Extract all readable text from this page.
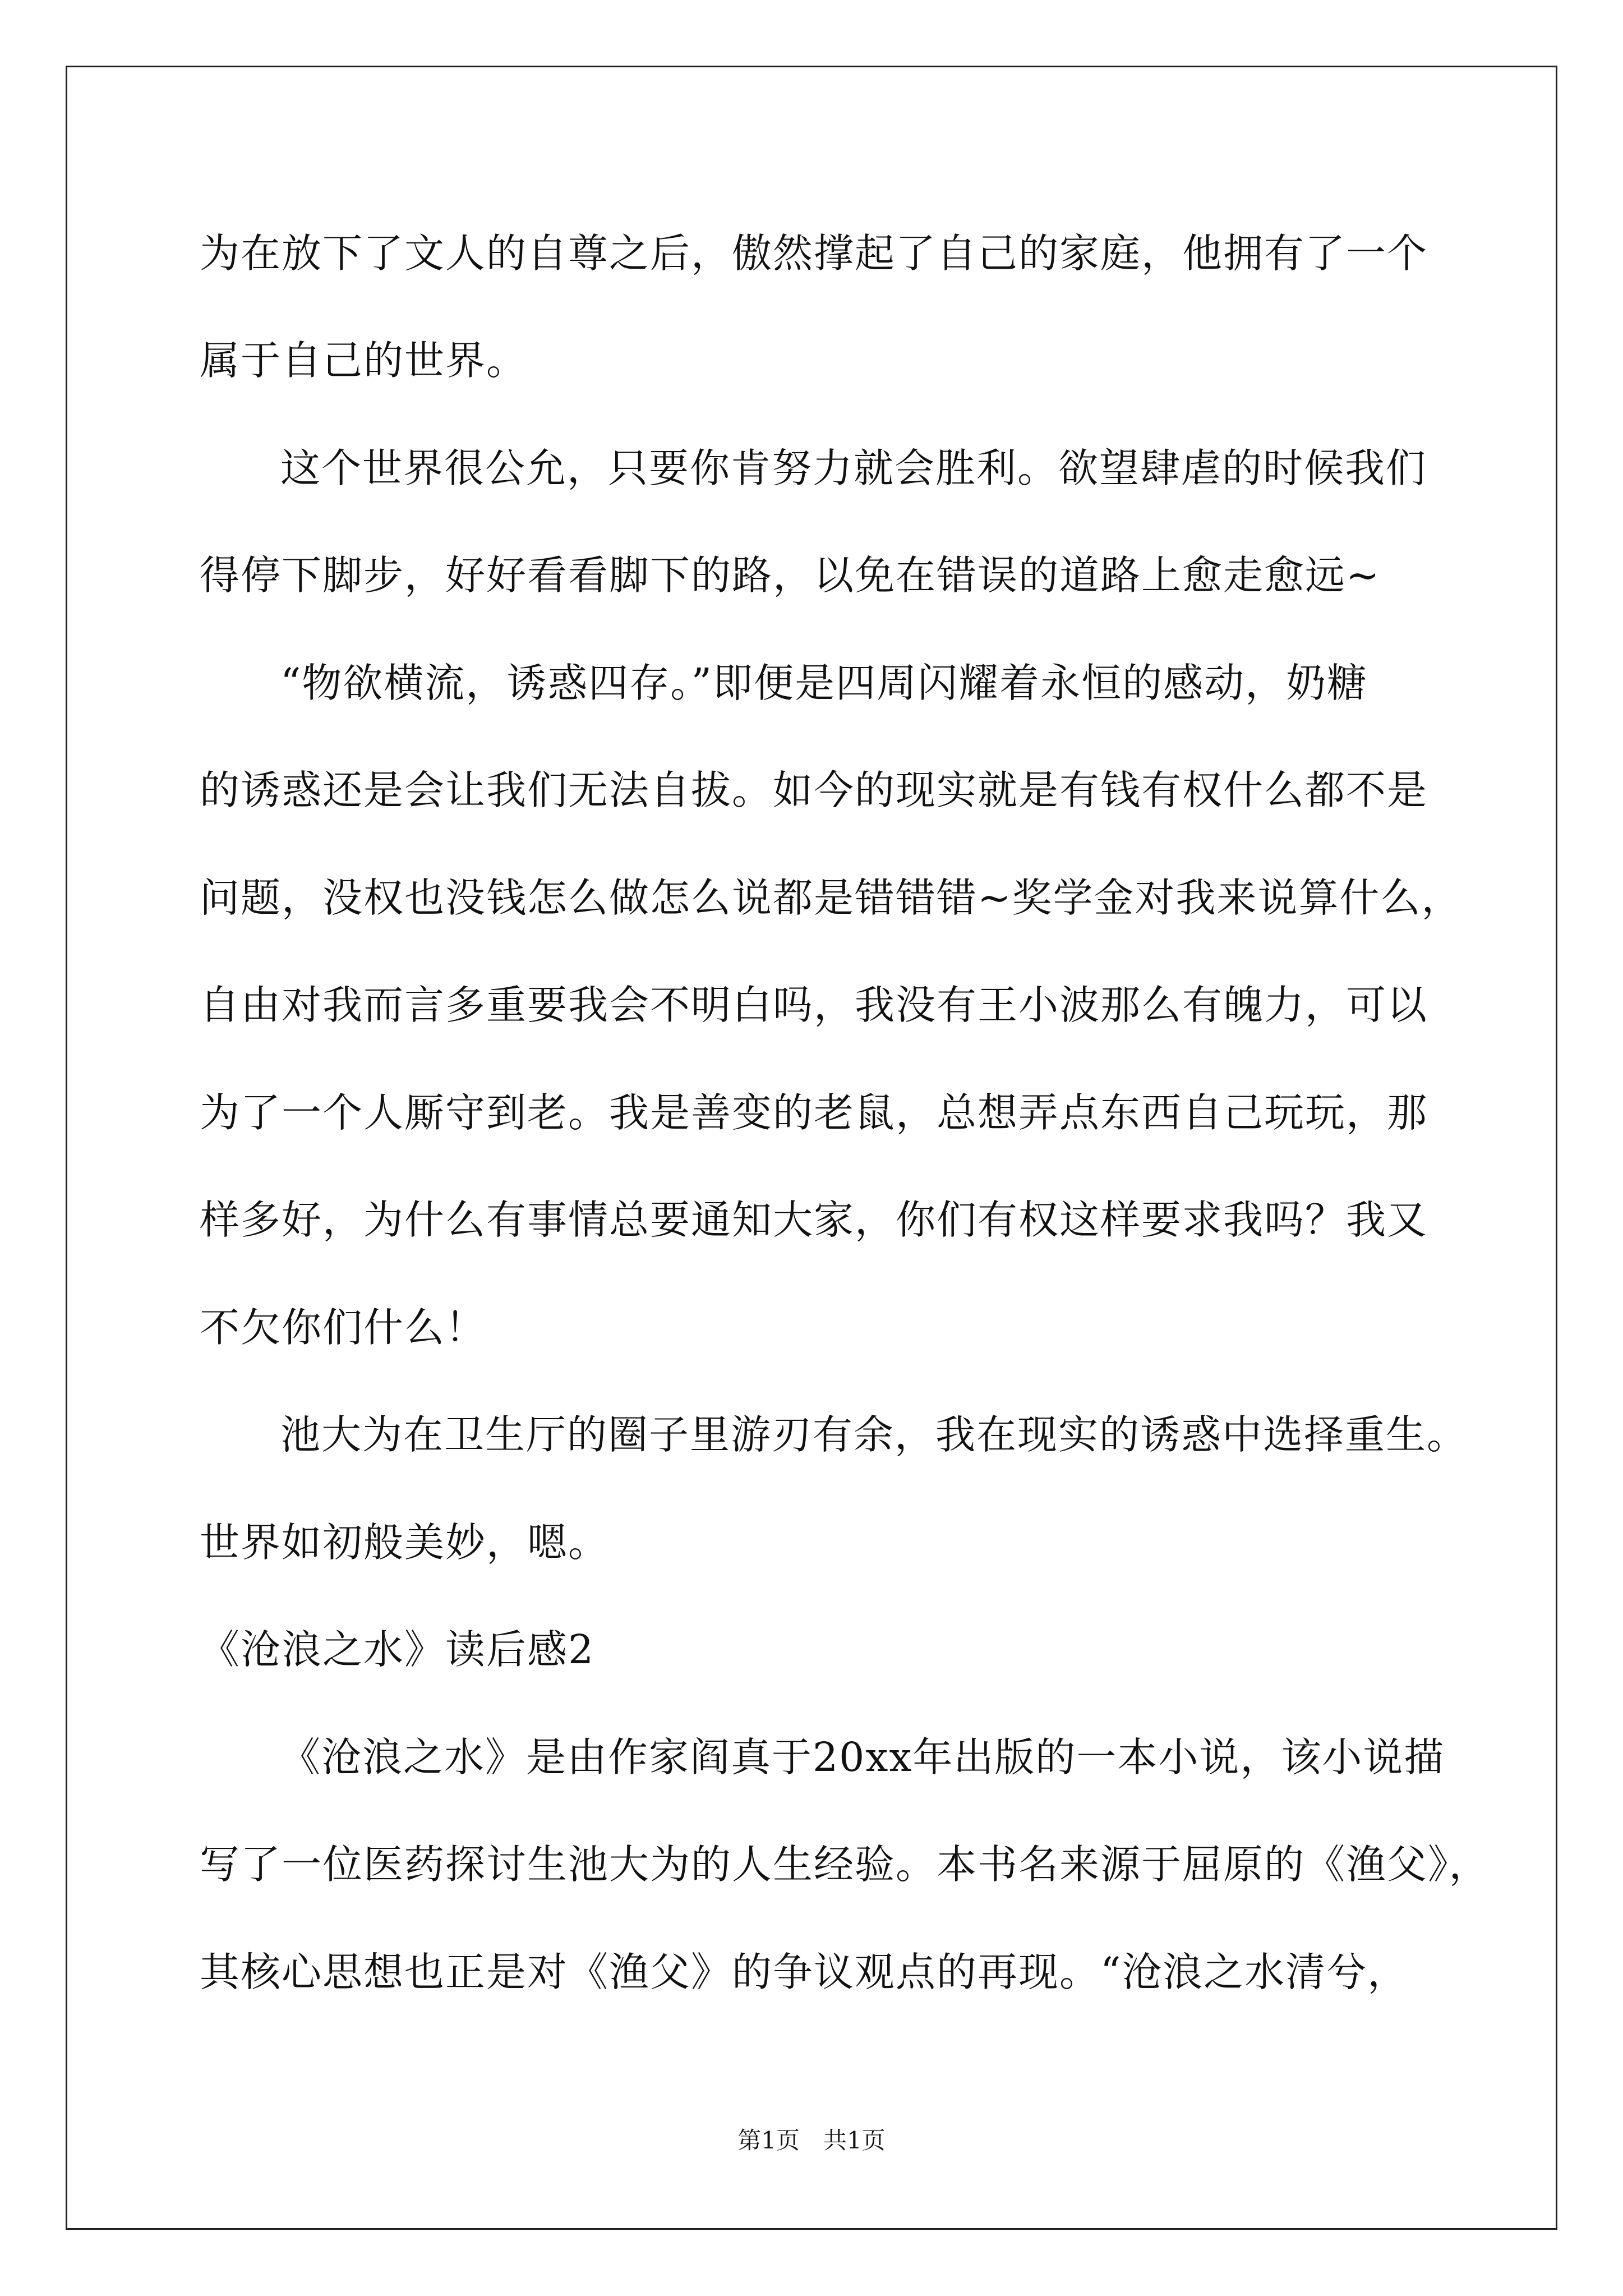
为在放下了文人的自尊之后，傲然撑起了自己的家庭，他拥有了一个
属于自己的世界。
这个世界很公允，只要你肯努力就会胜利。欲望肆虐的时候我们
得停下脚步，好好看看脚下的路，以免在错误的道路上愈走愈远~
“物欲横流，诱惑四存。”即便是四周闪耀着永恒的感动，奶糖
的诱惑还是会让我们无法自拔。如今的现实就是有钱有权什么都不是
问题，没权也没钱怎么做怎么说都是错错错~奖学金对我来说算什么，
自由对我而言多重要我会不明白吗，我没有王小波那么有魄力，可以
为了一个人厮守到老。我是善变的老鼠，总想弄点东西自己玩玩，那
样多好，为什么有事情总要通知大家，你们有权这样要求我吗？我又
不欠你们什么！
池大为在卫生厅的圈子里游刃有余，我在现实的诱惑中选择重生。
世界如初般美妙，嗯。
《沧浪之水》读后感2
《沧浪之水》是由作家阎真于20xx年出版的一本小说，该小说描
写了一位医药探讨生池大为的人生经验。本书名来源于屈原的《渔父》，
其核心思想也正是对《渔父》的争议观点的再现。“沧浪之水清兮，
第1页　共1页
